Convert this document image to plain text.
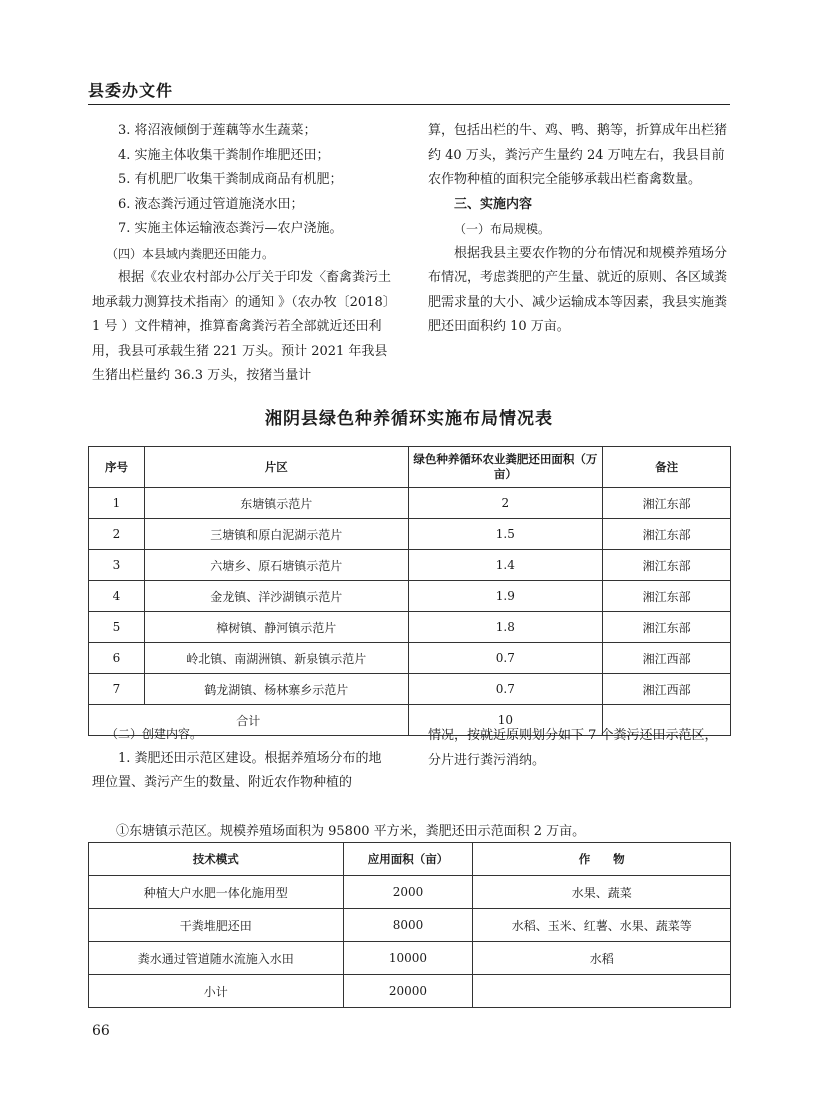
县委办文件

3. 将沼液倾倒于莲藕等水生蔬菜；

4. 实施主体收集干粪制作堆肥还田；

5. 有机肥厂收集干粪制成商品有机肥；

6. 液态粪污通过管道施浇水田；

7. 实施主体运输液态粪污—农户浇施。

（四）本县域内粪肥还田能力。

根据《农业农村部办公厅关于印发〈畜禽粪污土地承载力测算技术指南〉的通知 》（农办牧〔2018〕1 号 ）文件精神，推算畜禽粪污若全部就近还田利用，我县可承载生猪 221 万头。预计 2021 年我县生猪出栏量约 36.3 万头，按猪当量计

算，包括出栏的牛、鸡、鸭、鹅等，折算成年出栏猪约 40 万头，粪污产生量约 24 万吨左右，我县目前农作物种植的面积完全能够承载出栏畜禽数量。

三、实施内容

（一）布局规模。

根据我县主要农作物的分布情况和规模养殖场分布情况，考虑粪肥的产生量、就近的原则、各区域粪肥需求量的大小、减少运输成本等因素，我县实施粪肥还田面积约 10 万亩。

湘阴县绿色种养循环实施布局情况表
序号	片区	绿色种养循环农业粪肥还田面积（万亩）	备注
1	东塘镇示范片	2	湘江东部
2	三塘镇和原白泥湖示范片	1.5	湘江东部
3	六塘乡、原石塘镇示范片	1.4	湘江东部
4	金龙镇、洋沙湖镇示范片	1.9	湘江东部
5	樟树镇、静河镇示范片	1.8	湘江东部
6	岭北镇、南湖洲镇、新泉镇示范片	0.7	湘江西部
7	鹤龙湖镇、杨林寨乡示范片	0.7	湘江西部
合计		10	

（二）创建内容。

1. 粪肥还田示范区建设。根据养殖场分布的地理位置、粪污产生的数量、附近农作物种植的

情况，按就近原则划分如下 7 个粪污还田示范区，分片进行粪污消纳。

①东塘镇示范区。规模养殖场面积为 95800 平方米，粪肥还田示范面积 2 万亩。
技术模式	应用面积（亩）	作　　物
种植大户水肥一体化施用型	2000	水果、蔬菜
干粪堆肥还田	8000	水稻、玉米、红薯、水果、蔬菜等
粪水通过管道随水流施入水田	10000	水稻
小计	20000	
66
